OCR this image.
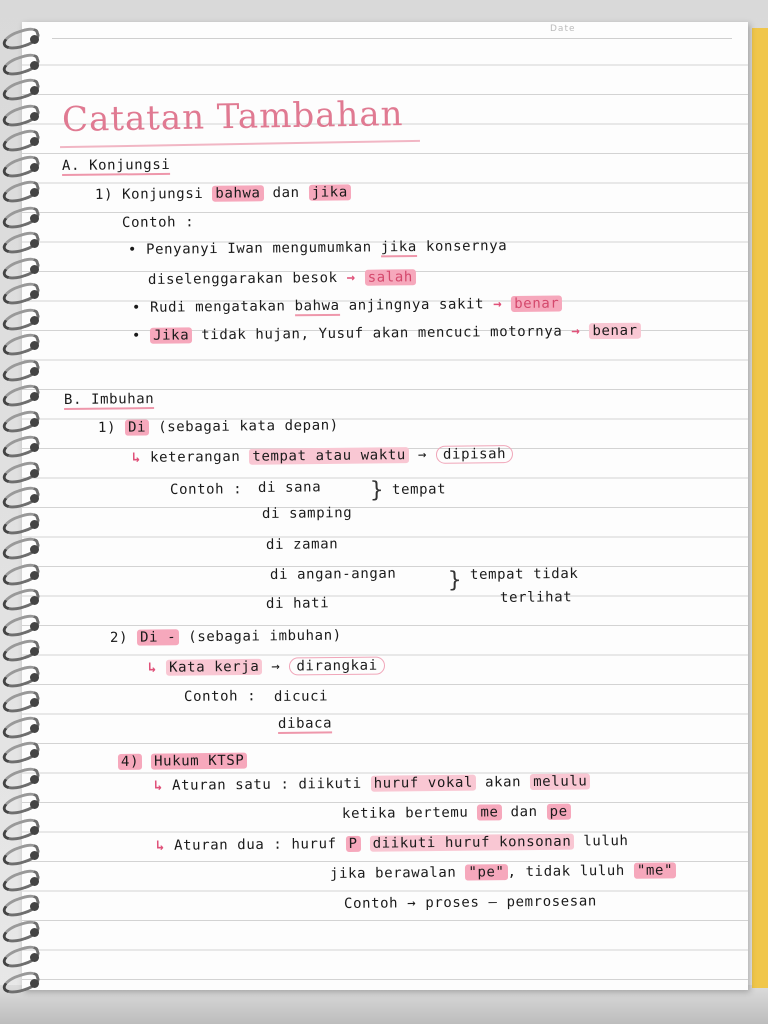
Date
Catatan Tambahan
A. Konjungsi
1) Konjungsi bahwa dan jika
Contoh :
• Penyanyi Iwan mengumumkan jika konsernya
diselenggarakan besok → salah
• Rudi mengatakan bahwa anjingnya sakit → benar
• Jika tidak hujan, Yusuf akan mencuci motornya → benar
B. Imbuhan
1) Di (sebagai kata depan)
↳ keterangan tempat atau waktu → dipisah
Contoh : di sana
di samping
} tempat
di zaman
di angan-angan
di hati
} tempat tidak
terlihat
2) Di - (sebagai imbuhan)
↳ Kata kerja → dirangkai
Contoh : dicuci
dibaca
4) Hukum KTSP
↳ Aturan satu : diikuti huruf vokal akan melulu
ketika bertemu me dan pe
↳ Aturan dua : huruf P diikuti huruf konsonan luluh
jika berawalan "pe" , tidak luluh "me"
Contoh → proses — pemrosesan
